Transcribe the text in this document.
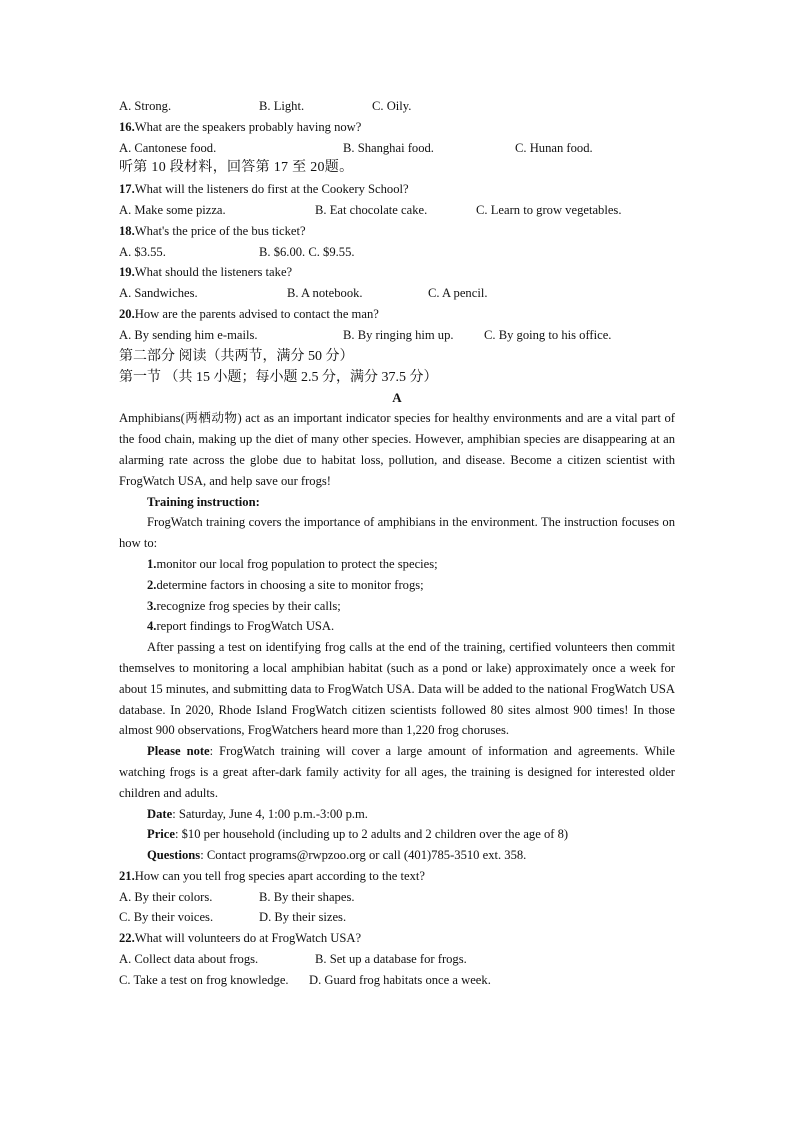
A. Strong.	B. Light.	C. Oily.
16.What are the speakers probably having now?
A. Cantonese food.	B. Shanghai food.	C. Hunan food.
听第 10 段材料，回答第 17 至 20题。
17.What will the listeners do first at the Cookery School?
A. Make some pizza.	B. Eat chocolate cake.	C. Learn to grow vegetables.
18.What's the price of the bus ticket?
A. $3.55.	B. $6.00. C. $9.55.
19.What should the listeners take?
A. Sandwiches.	B. A notebook.	C. A pencil.
20.How are the parents advised to contact the man?
A. By sending him e-mails.	B. By ringing him up. C. By going to his office.
第二部分 阅读（共两节，满分 50 分）
第一节 （共 15 小题；每小题 2.5 分，满分 37.5 分）
A

Amphibians(两栖动物) act as an important indicator species for healthy environments and are a vital part of the food chain, making up the diet of many other species. However, amphibian species are disappearing at an alarming rate across the globe due to habitat loss, pollution, and disease. Become a citizen scientist with FrogWatch USA, and help save our frogs!

Training instruction:

FrogWatch training covers the importance of amphibians in the environment. The instruction focuses on how to:

1.monitor our local frog population to protect the species;
2.determine factors in choosing a site to monitor frogs;
3.recognize frog species by their calls;
4.report findings to FrogWatch USA.

After passing a test on identifying frog calls at the end of the training, certified volunteers then commit themselves to monitoring a local amphibian habitat (such as a pond or lake) approximately once a week for about 15 minutes, and submitting data to FrogWatch USA. Data will be added to the national FrogWatch USA database. In 2020, Rhode Island FrogWatch citizen scientists followed 80 sites almost 900 times! In those almost 900 observations, FrogWatchers heard more than 1,220 frog choruses.

Please note: FrogWatch training will cover a large amount of information and agreements. While watching frogs is a great after-dark family activity for all ages, the training is designed for interested older children and adults.

Date: Saturday, June 4, 1:00 p.m.-3:00 p.m.
Price: $10 per household (including up to 2 adults and 2 children over the age of 8)
Questions: Contact programs@rwpzoo.org or call (401)785-3510 ext. 358.
21.How can you tell frog species apart according to the text?
A. By their colors.	B. By their shapes.
C. By their voices.	D. By their sizes.
22.What will volunteers do at FrogWatch USA?
A. Collect data about frogs.	B. Set up a database for frogs.
C. Take a test on frog knowledge. D. Guard frog habitats once a week.
